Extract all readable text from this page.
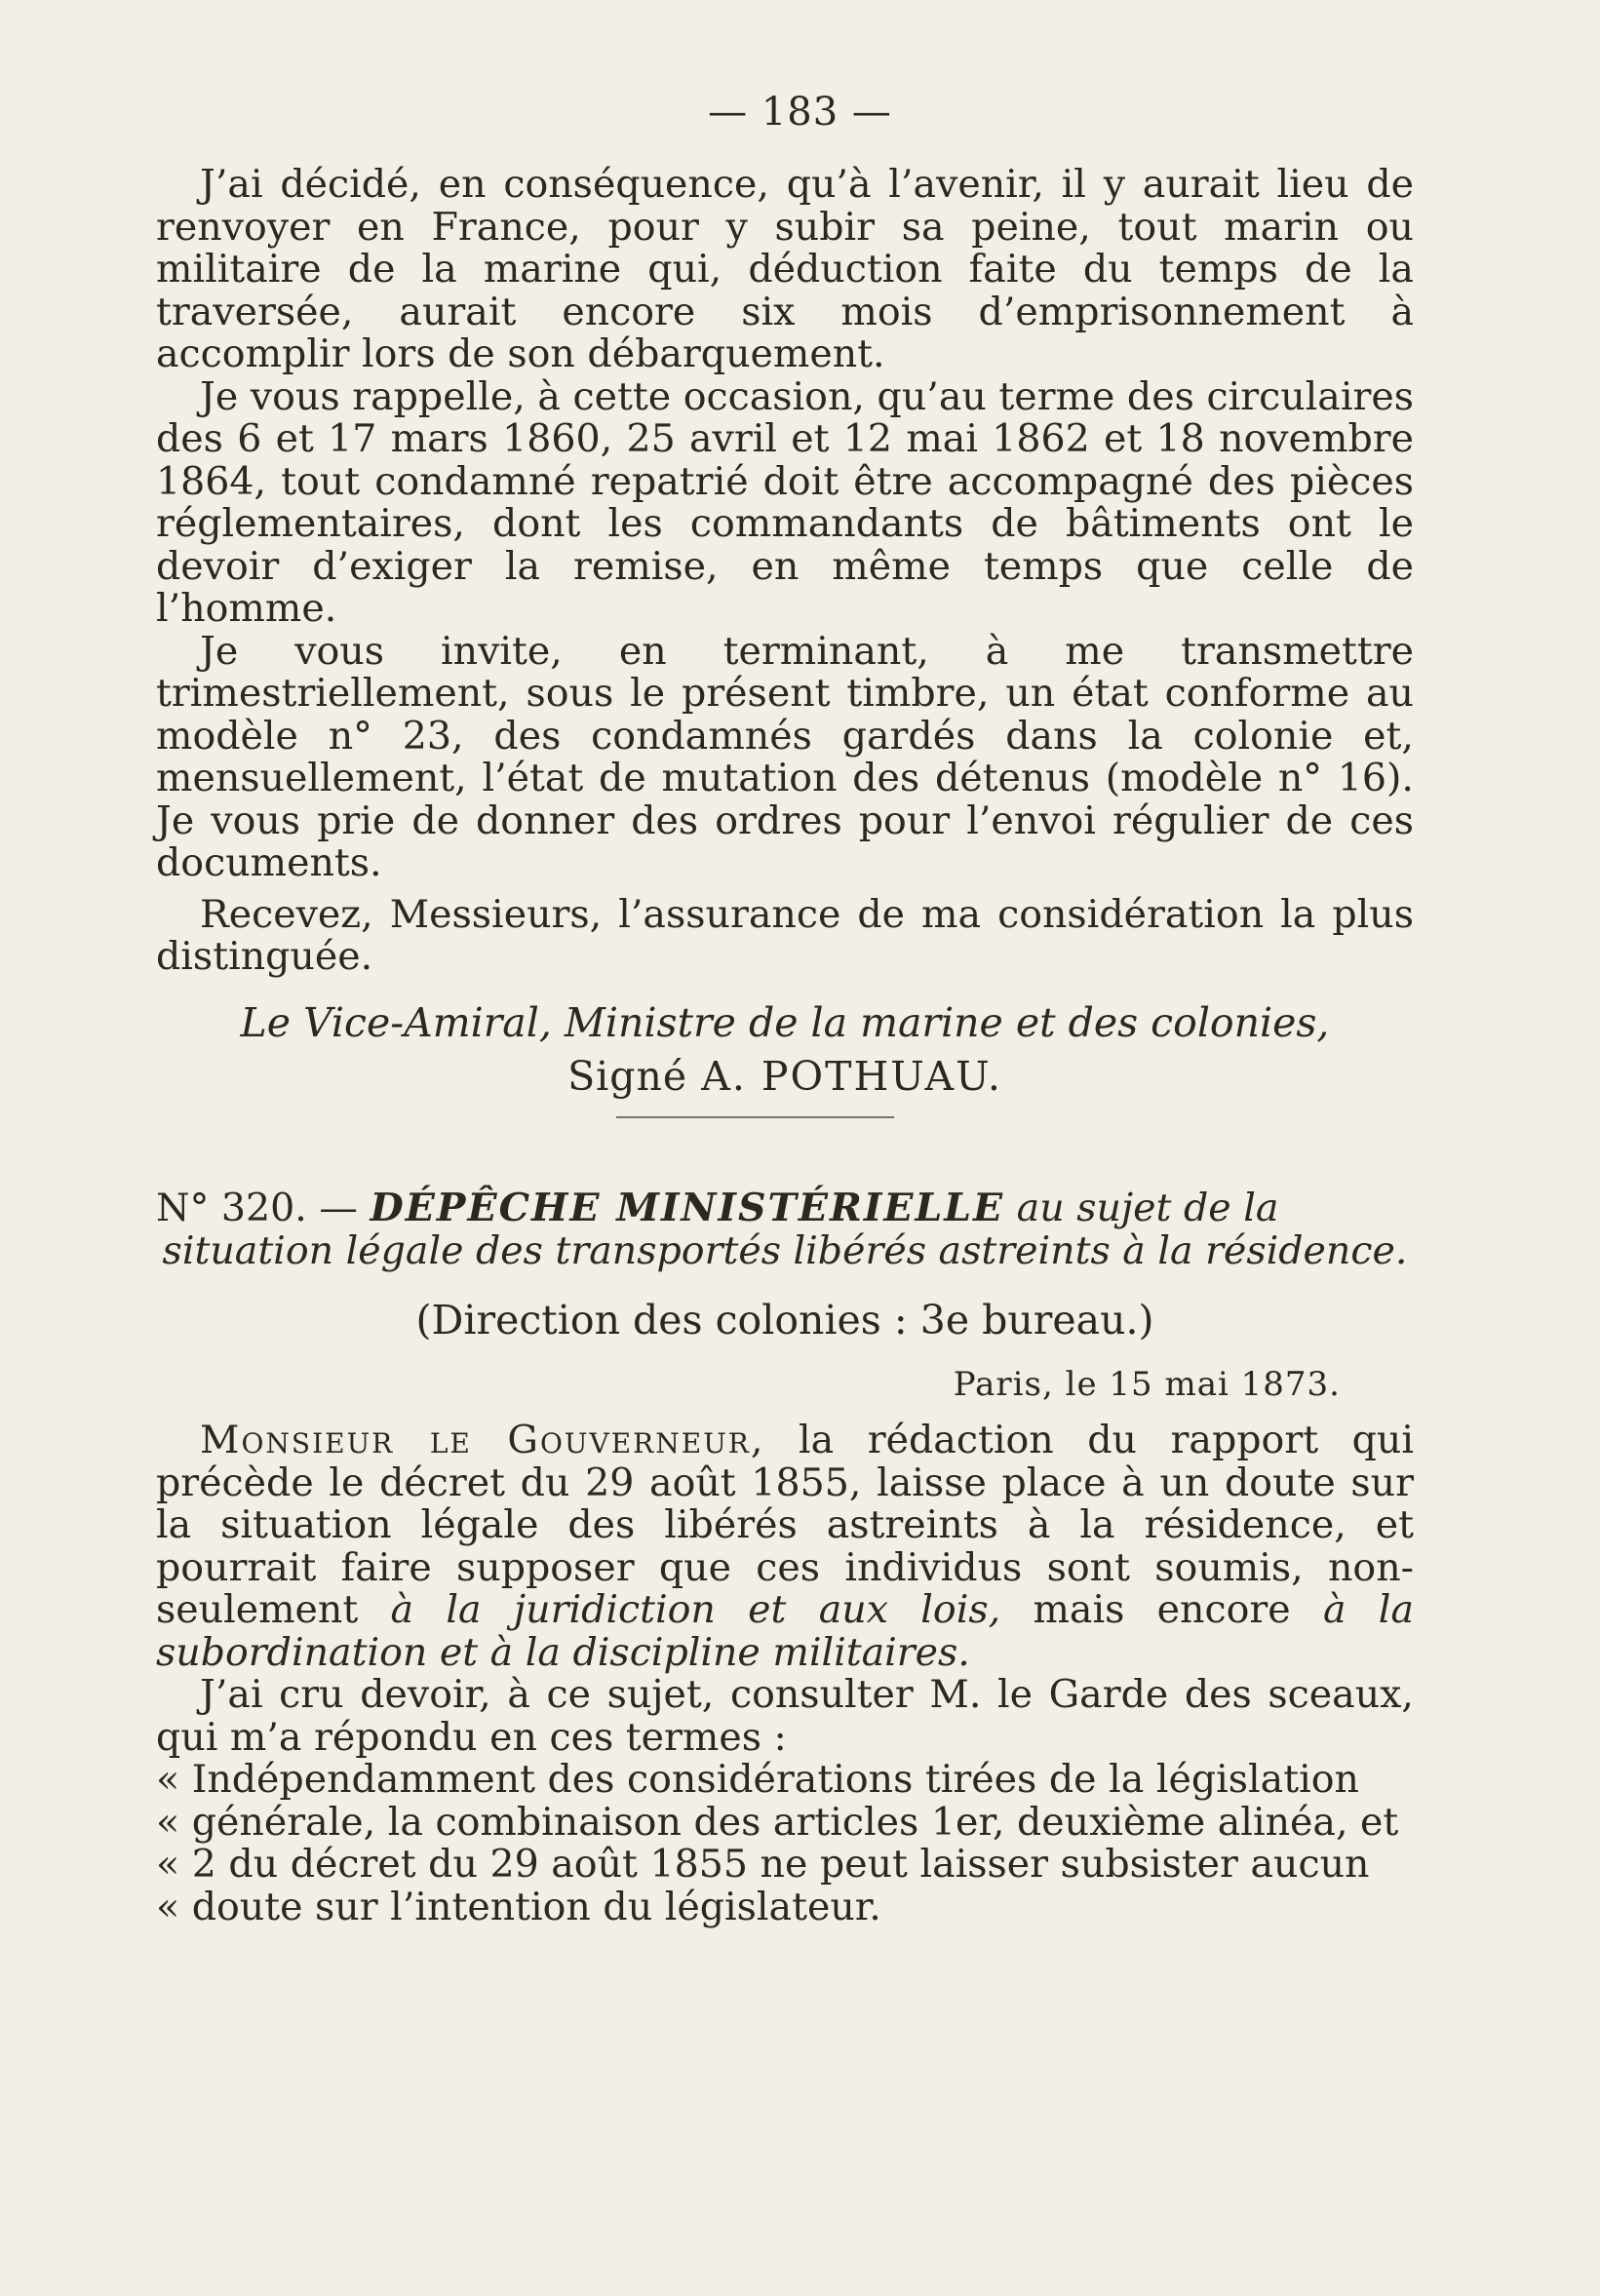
— 183 —

J’ai décidé, en conséquence, qu’à l’avenir, il y aurait lieu de renvoyer en France, pour y subir sa peine, tout marin ou militaire de la marine qui, déduction faite du temps de la traversée, aurait encore six mois d’emprisonnement à accomplir lors de son débarquement.

Je vous rappelle, à cette occasion, qu’au terme des circulaires des 6 et 17 mars 1860, 25 avril et 12 mai 1862 et 18 novembre 1864, tout condamné repatrié doit être accompagné des pièces réglementaires, dont les commandants de bâtiments ont le devoir d’exiger la remise, en même temps que celle de l’homme.

Je vous invite, en terminant, à me transmettre trimestriellement, sous le présent timbre, un état conforme au modèle n° 23, des condamnés gardés dans la colonie et, mensuellement, l’état de mutation des détenus (modèle n° 16). Je vous prie de donner des ordres pour l’envoi régulier de ces documents.

Recevez, Messieurs, l’assurance de ma considération la plus distinguée.

Le Vice-Amiral, Ministre de la marine et des colonies,

Signé A. POTHUAU.

N° 320. — DÉPÊCHE MINISTÉRIELLE au sujet de la

situation légale des transportés libérés astreints à la résidence.

(Direction des colonies : 3e bureau.)

Paris, le 15 mai 1873.

Monsieur le Gouverneur, la rédaction du rapport qui précède le décret du 29 août 1855, laisse place à un doute sur la situation légale des libérés astreints à la résidence, et pourrait faire supposer que ces individus sont soumis, non-seulement à la juridiction et aux lois, mais encore à la subordination et à la discipline militaires.

J’ai cru devoir, à ce sujet, consulter M. le Garde des sceaux, qui m’a répondu en ces termes :

« Indépendamment des considérations tirées de la législation

« générale, la combinaison des articles 1er, deuxième alinéa, et

« 2 du décret du 29 août 1855 ne peut laisser subsister aucun

« doute sur l’intention du législateur.
